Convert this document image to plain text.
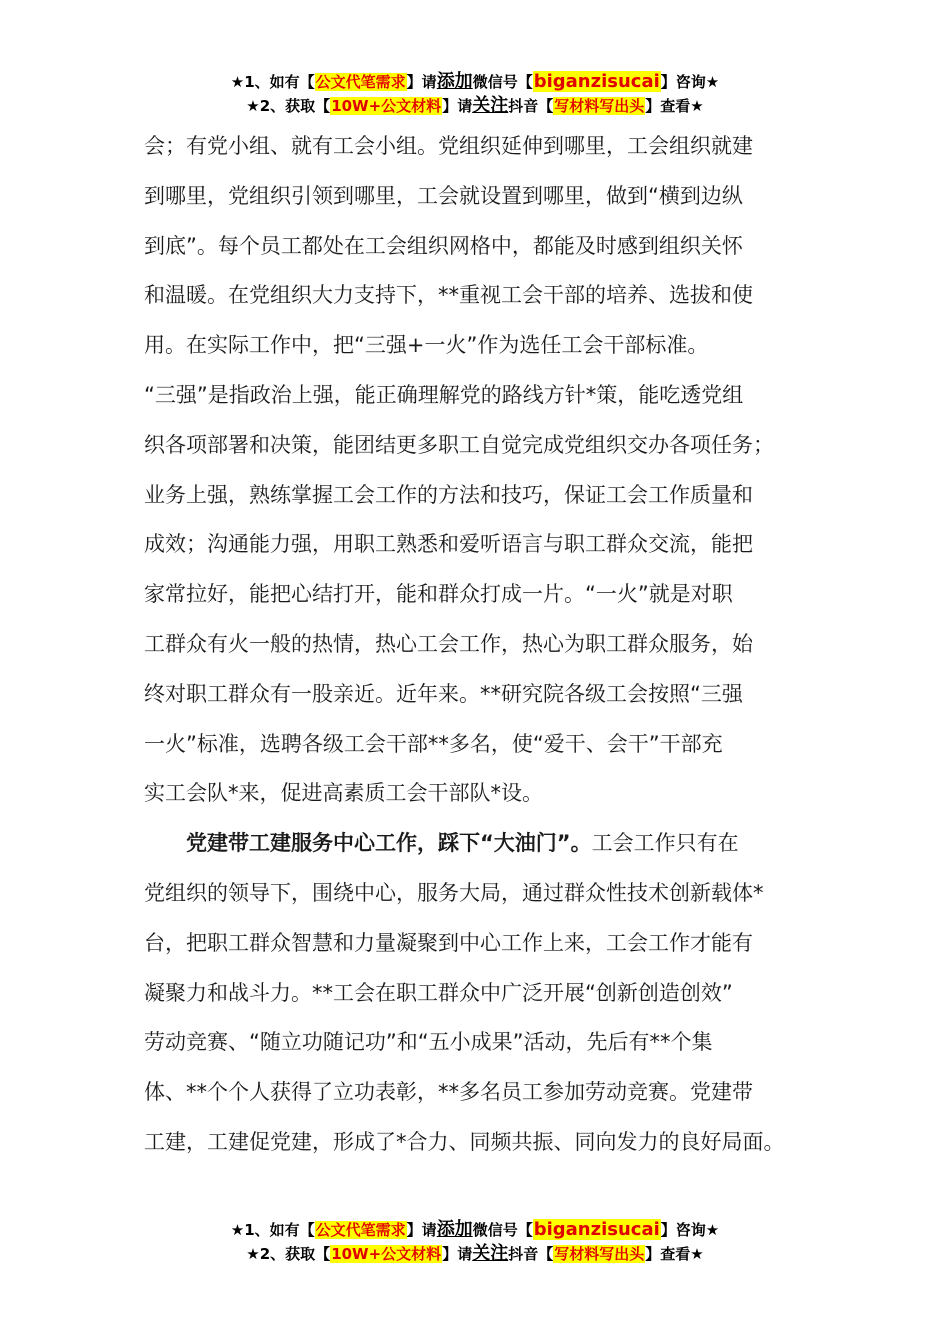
★1、如有【公文代笔需求】请添加微信号【biganzisucai】咨询★
★2、获取【10W+公文材料】请关注抖音【写材料写出头】查看★
会；有党小组、就有工会小组。党组织延伸到哪里，工会组织就建
到哪里，党组织引领到哪里，工会就设置到哪里，做到“横到边纵
到底”。每个员工都处在工会组织网格中，都能及时感到组织关怀
和温暖。在党组织大力支持下，**重视工会干部的培养、选拔和使
用。在实际工作中，把“三强+一火”作为选任工会干部标准。
“三强”是指政治上强，能正确理解党的路线方针*策，能吃透党组
织各项部署和决策，能团结更多职工自觉完成党组织交办各项任务；
业务上强，熟练掌握工会工作的方法和技巧，保证工会工作质量和
成效；沟通能力强，用职工熟悉和爱听语言与职工群众交流，能把
家常拉好，能把心结打开，能和群众打成一片。“一火”就是对职
工群众有火一般的热情，热心工会工作，热心为职工群众服务，始
终对职工群众有一股亲近。近年来。**研究院各级工会按照“三强
一火”标准，选聘各级工会干部**多名，使“爱干、会干”干部充
实工会队*来，促进高素质工会干部队*设。
党建带工建服务中心工作，踩下“大油门”。工会工作只有在
党组织的领导下，围绕中心，服务大局，通过群众性技术创新载体*
台，把职工群众智慧和力量凝聚到中心工作上来，工会工作才能有
凝聚力和战斗力。**工会在职工群众中广泛开展“创新创造创效”
劳动竞赛、“随立功随记功”和“五小成果”活动，先后有**个集
体、**个个人获得了立功表彰，**多名员工参加劳动竞赛。党建带
工建，工建促党建，形成了*合力、同频共振、同向发力的良好局面。
★1、如有【公文代笔需求】请添加微信号【biganzisucai】咨询★
★2、获取【10W+公文材料】请关注抖音【写材料写出头】查看★
